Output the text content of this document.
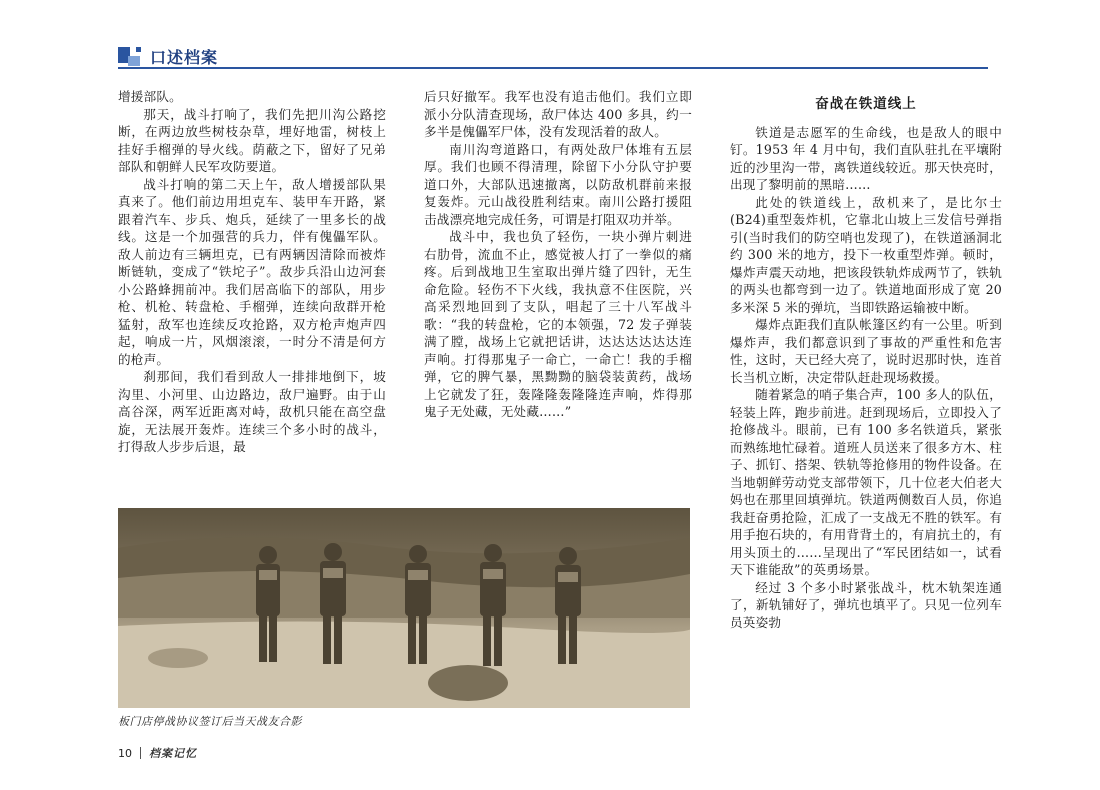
口述档案

增援部队。

那天，战斗打响了，我们先把川沟公路挖断，在两边放些树枝杂草，埋好地雷，树枝上挂好手榴弹的导火线。荫蔽之下，留好了兄弟部队和朝鲜人民军攻防要道。

战斗打响的第二天上午，敌人增援部队果真来了。他们前边用坦克车、装甲车开路，紧跟着汽车、步兵、炮兵，延续了一里多长的战线。这是一个加强营的兵力，伴有傀儡军队。敌人前边有三辆坦克，已有两辆因清除而被炸断链轨，变成了“铁坨子”。敌步兵沿山边河套小公路蜂拥前冲。我们居高临下的部队，用步枪、机枪、转盘枪、手榴弹，连续向敌群开枪猛射，敌军也连续反攻抢路，双方枪声炮声四起，响成一片，风烟滚滚，一时分不清是何方的枪声。

刹那间，我们看到敌人一排排地倒下，坡沟里、小河里、山边路边，敌尸遍野。由于山高谷深，两军近距离对峙，敌机只能在高空盘旋，无法展开轰炸。连续三个多小时的战斗，打得敌人步步后退，最

后只好撤军。我军也没有追击他们。我们立即派小分队清查现场，敌尸体达 400 多具，约一多半是傀儡军尸体，没有发现活着的敌人。

南川沟弯道路口，有两处敌尸体堆有五层厚。我们也顾不得清理，除留下小分队守护要道口外，大部队迅速撤离，以防敌机群前来报复轰炸。元山战役胜利结束。南川公路打援阻击战漂亮地完成任务，可谓是打阻双功并举。

战斗中，我也负了轻伤，一块小弹片刺进右肋骨，流血不止，感觉被人打了一拳似的痛疼。后到战地卫生室取出弹片缝了四针，无生命危险。轻伤不下火线，我执意不住医院，兴高采烈地回到了支队，唱起了三十八军战斗歌：“我的转盘枪，它的本领强，72 发子弹装满了膛，战场上它就把话讲，达达达达达达连声响。打得那鬼子一命亡，一命亡！我的手榴弹，它的脾气暴，黑黝黝的脑袋装黄药，战场上它就发了狂，轰隆隆轰隆隆连声响，炸得那鬼子无处藏，无处藏……”

奋战在铁道线上

铁道是志愿军的生命线，也是敌人的眼中钉。1953 年 4 月中旬，我们直队驻扎在平壤附近的沙里沟一带，离铁道线较近。那天快亮时，出现了黎明前的黑暗……

此处的铁道线上，敌机来了，是比尔士(B24)重型轰炸机，它靠北山坡上三发信号弹指引(当时我们的防空哨也发现了)，在铁道涵洞北约 300 米的地方，投下一枚重型炸弹。顿时，爆炸声震天动地，把该段铁轨炸成两节了，铁轨的两头也都弯到一边了。铁道地面形成了宽 20 多米深 5 米的弹坑，当即铁路运输被中断。

爆炸点距我们直队帐篷区约有一公里。听到爆炸声，我们都意识到了事故的严重性和危害性，这时，天已经大亮了，说时迟那时快，连首长当机立断，决定带队赶赴现场救援。

随着紧急的哨子集合声，100 多人的队伍，轻装上阵，跑步前进。赶到现场后，立即投入了抢修战斗。眼前，已有 100 多名铁道兵，紧张而熟练地忙碌着。道班人员送来了很多方木、柱子、抓钉、搭架、铁轨等抢修用的物件设备。在当地朝鲜劳动党支部带领下，几十位老大伯老大妈也在那里回填弹坑。铁道两侧数百人员，你追我赶奋勇抢险，汇成了一支战无不胜的铁军。有用手抱石块的，有用背背土的，有肩抗土的，有用头顶土的……呈现出了“军民团结如一，试看天下谁能敌”的英勇场景。

经过 3 个多小时紧张战斗，枕木轨架连通了，新轨铺好了，弹坑也填平了。只见一位列车员英姿勃

板门店停战协议签订后当天战友合影
10 档案记忆
